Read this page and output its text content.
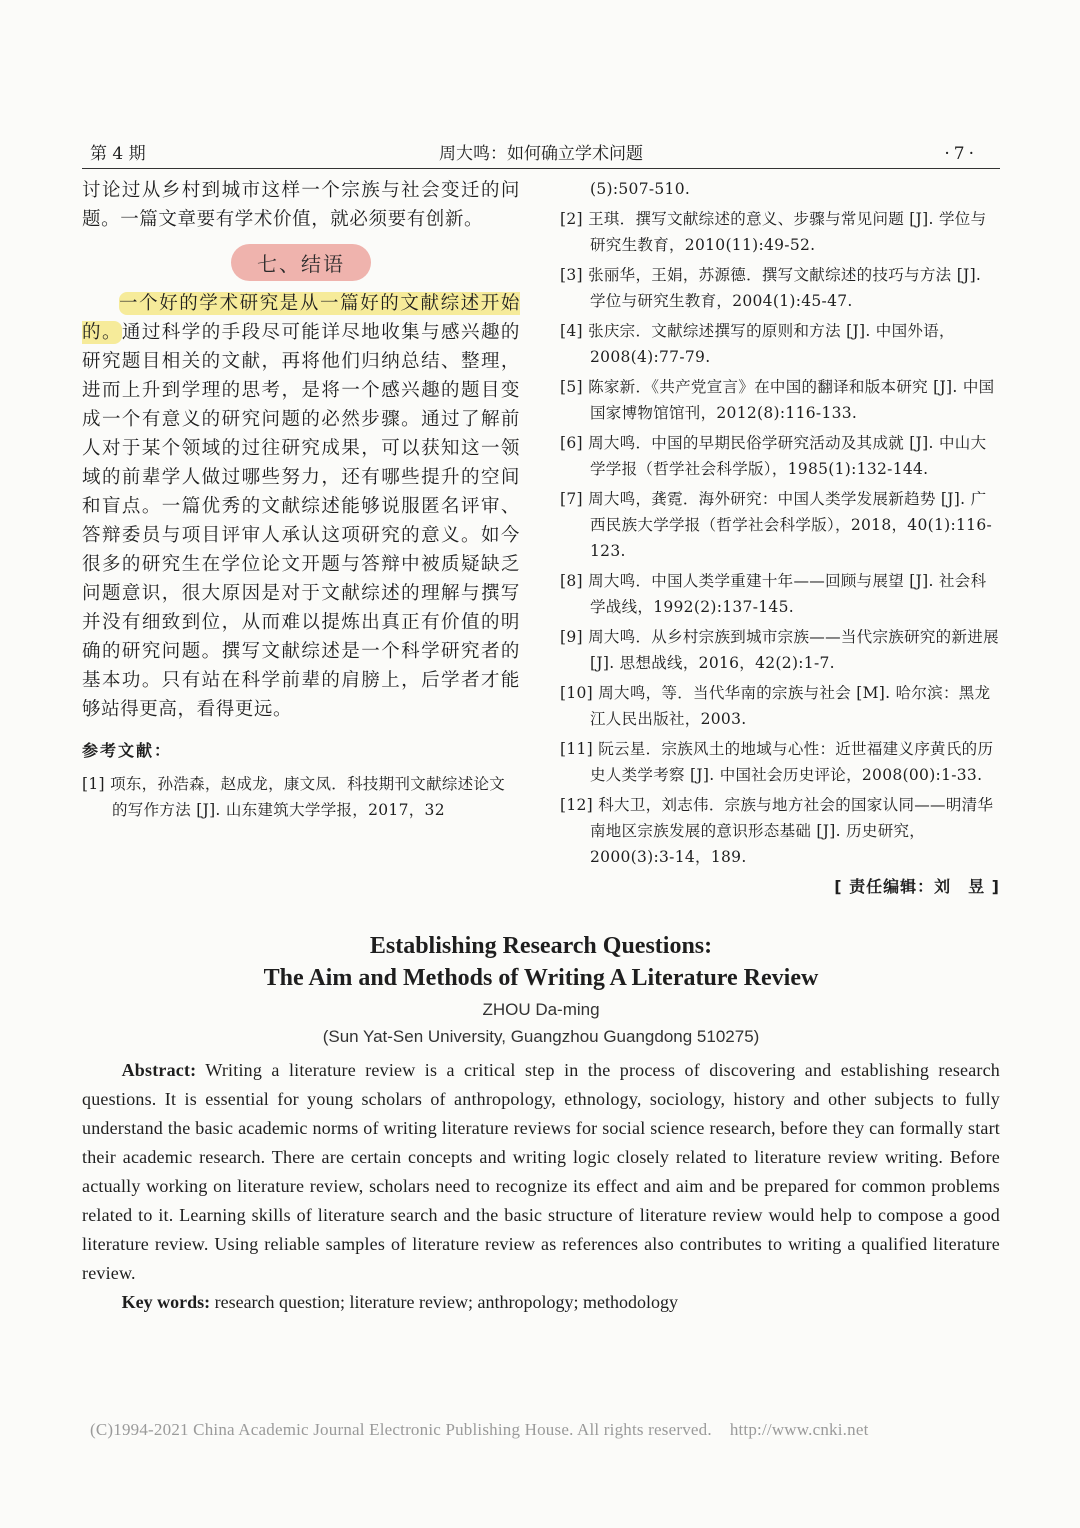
第 4 期	周大鸣：如何确立学术问题	·7·

讨论过从乡村到城市这样一个宗族与社会变迁的问题。一篇文章要有学术价值，就必须要有创新。

七、结语

一个好的学术研究是从一篇好的文献综述开始的。通过科学的手段尽可能详尽地收集与感兴趣的研究题目相关的文献，再将他们归纳总结、整理，进而上升到学理的思考，是将一个感兴趣的题目变成一个有意义的研究问题的必然步骤。通过了解前人对于某个领域的过往研究成果，可以获知这一领域的前辈学人做过哪些努力，还有哪些提升的空间和盲点。一篇优秀的文献综述能够说服匿名评审、答辩委员与项目评审人承认这项研究的意义。如今很多的研究生在学位论文开题与答辩中被质疑缺乏问题意识，很大原因是对于文献综述的理解与撰写并没有细致到位，从而难以提炼出真正有价值的明确的研究问题。撰写文献综述是一个科学研究者的基本功。只有站在科学前辈的肩膀上，后学者才能够站得更高，看得更远。

参考文献：

[1] 项东，孙浩森，赵成龙，康文凤．科技期刊文献综述论文的写作方法 [J]. 山东建筑大学学报，2017，32

(5):507-510.

[2] 王琪．撰写文献综述的意义、步骤与常见问题 [J]. 学位与研究生教育，2010(11):49-52.

[3] 张丽华，王娟，苏源德．撰写文献综述的技巧与方法 [J]. 学位与研究生教育，2004(1):45-47.

[4] 张庆宗．文献综述撰写的原则和方法 [J]. 中国外语，2008(4):77-79.

[5] 陈家新．《共产党宣言》在中国的翻译和版本研究 [J]. 中国国家博物馆馆刊，2012(8):116-133.

[6] 周大鸣．中国的早期民俗学研究活动及其成就 [J]. 中山大学学报（哲学社会科学版），1985(1):132-144.

[7] 周大鸣，龚霓．海外研究：中国人类学发展新趋势 [J]. 广西民族大学学报（哲学社会科学版），2018，40(1):116-123.

[8] 周大鸣．中国人类学重建十年——回顾与展望 [J]. 社会科学战线，1992(2):137-145.

[9] 周大鸣．从乡村宗族到城市宗族——当代宗族研究的新进展 [J]. 思想战线，2016，42(2):1-7.

[10] 周大鸣，等．当代华南的宗族与社会 [M]. 哈尔滨：黑龙江人民出版社，2003.

[11] 阮云星．宗族风土的地域与心性：近世福建义序黄氏的历史人类学考察 [J]. 中国社会历史评论，2008(00):1-33.

[12] 科大卫，刘志伟．宗族与地方社会的国家认同——明清华南地区宗族发展的意识形态基础 [J]. 历史研究，2000(3):3-14，189.

[ 责任编辑：刘　昱 ]

Establishing Research Questions:

The Aim and Methods of Writing A Literature Review

ZHOU Da-ming

(Sun Yat-Sen University, Guangzhou Guangdong 510275)

Abstract: Writing a literature review is a critical step in the process of discovering and establishing research questions. It is essential for young scholars of anthropology, ethnology, sociology, history and other subjects to fully understand the basic academic norms of writing literature reviews for social science research, before they can formally start their academic research. There are certain concepts and writing logic closely related to literature review writing. Before actually working on literature review, scholars need to recognize its effect and aim and be prepared for common problems related to it. Learning skills of literature search and the basic structure of literature review would help to compose a good literature review. Using reliable samples of literature review as references also contributes to writing a qualified literature review.

Key words: research question; literature review; anthropology; methodology

(C)1994-2021 China Academic Journal Electronic Publishing House. All rights reserved. http://www.cnki.net
